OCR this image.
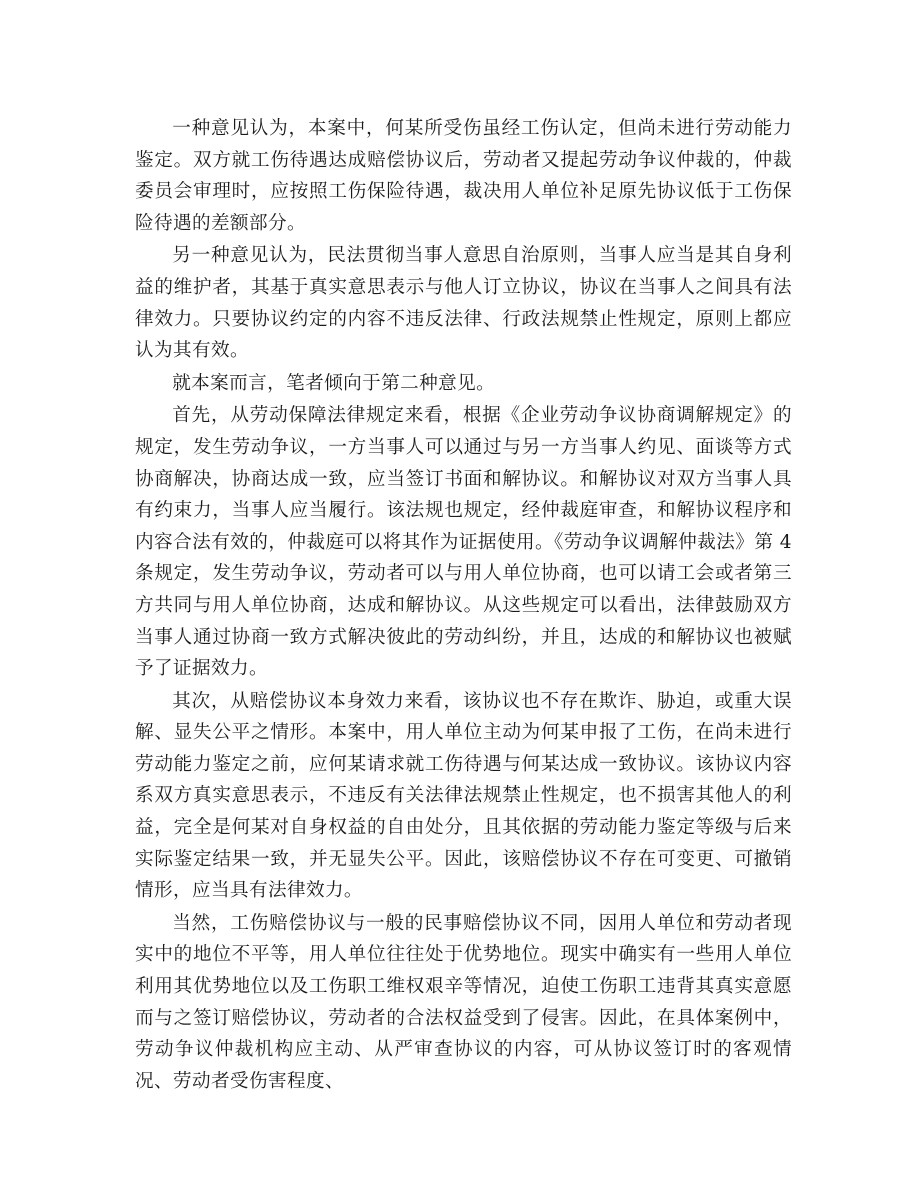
一种意见认为，本案中，何某所受伤虽经工伤认定，但尚未进行劳动能力鉴定。双方就工伤待遇达成赔偿协议后，劳动者又提起劳动争议仲裁的，仲裁委员会审理时，应按照工伤保险待遇，裁决用人单位补足原先协议低于工伤保险待遇的差额部分。

另一种意见认为，民法贯彻当事人意思自治原则，当事人应当是其自身利益的维护者，其基于真实意思表示与他人订立协议，协议在当事人之间具有法律效力。只要协议约定的内容不违反法律、行政法规禁止性规定，原则上都应认为其有效。

就本案而言，笔者倾向于第二种意见。

首先，从劳动保障法律规定来看，根据《企业劳动争议协商调解规定》的规定，发生劳动争议，一方当事人可以通过与另一方当事人约见、面谈等方式协商解决，协商达成一致，应当签订书面和解协议。和解协议对双方当事人具有约束力，当事人应当履行。该法规也规定，经仲裁庭审查，和解协议程序和内容合法有效的，仲裁庭可以将其作为证据使用。《劳动争议调解仲裁法》第 4 条规定，发生劳动争议，劳动者可以与用人单位协商，也可以请工会或者第三方共同与用人单位协商，达成和解协议。从这些规定可以看出，法律鼓励双方当事人通过协商一致方式解决彼此的劳动纠纷，并且，达成的和解协议也被赋予了证据效力。

其次，从赔偿协议本身效力来看，该协议也不存在欺诈、胁迫，或重大误解、显失公平之情形。本案中，用人单位主动为何某申报了工伤，在尚未进行劳动能力鉴定之前，应何某请求就工伤待遇与何某达成一致协议。该协议内容系双方真实意思表示，不违反有关法律法规禁止性规定，也不损害其他人的利益，完全是何某对自身权益的自由处分，且其依据的劳动能力鉴定等级与后来实际鉴定结果一致，并无显失公平。因此，该赔偿协议不存在可变更、可撤销情形，应当具有法律效力。

当然，工伤赔偿协议与一般的民事赔偿协议不同，因用人单位和劳动者现实中的地位不平等，用人单位往往处于优势地位。现实中确实有一些用人单位利用其优势地位以及工伤职工维权艰辛等情况，迫使工伤职工违背其真实意愿而与之签订赔偿协议，劳动者的合法权益受到了侵害。因此，在具体案例中，劳动争议仲裁机构应主动、从严审查协议的内容，可从协议签订时的客观情况、劳动者受伤害程度、
